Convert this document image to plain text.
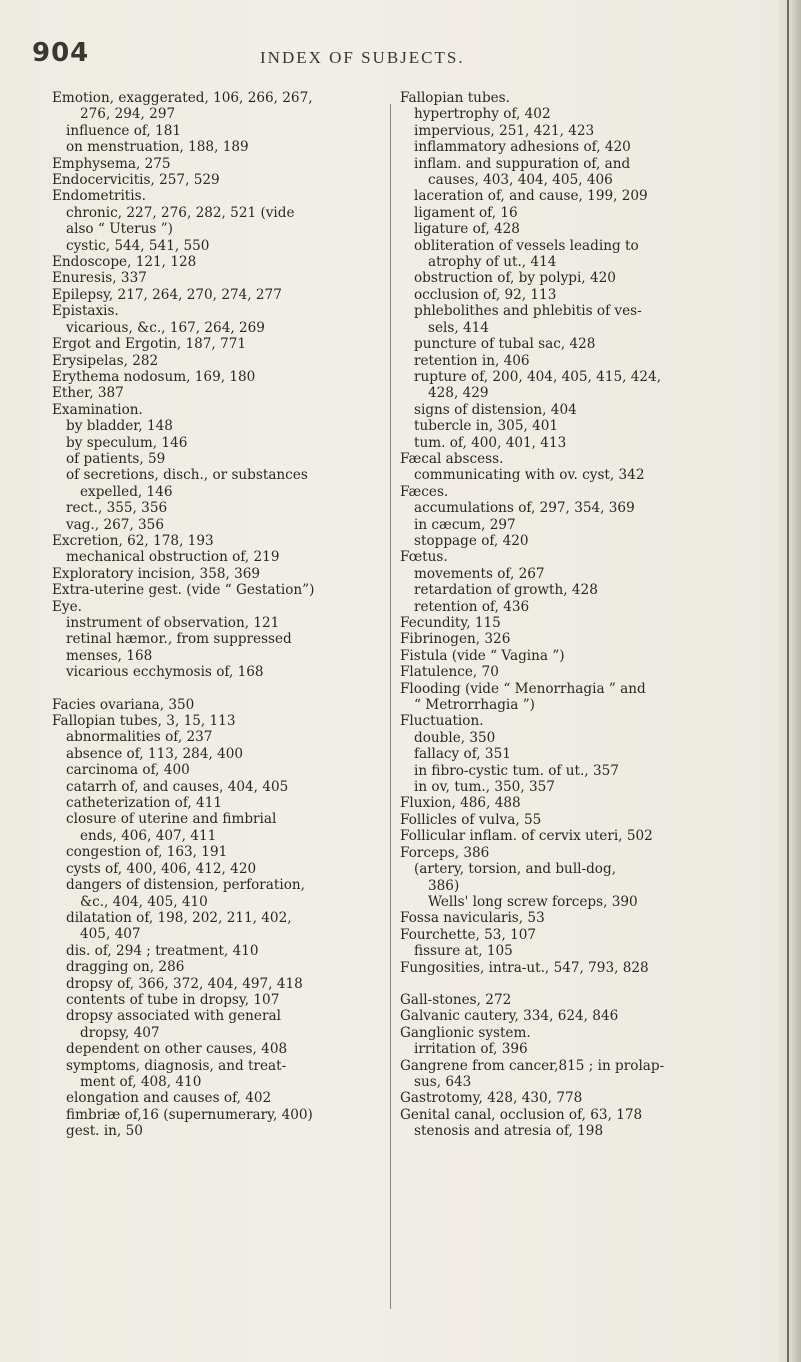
904	INDEX OF SUBJECTS.

Emotion, exaggerated, 106, 266, 267,

276, 294, 297

influence of, 181

on menstruation, 188, 189

Emphysema, 275

Endocervicitis, 257, 529

Endometritis.

chronic, 227, 276, 282, 521 (vide

also “ Uterus ”)

cystic, 544, 541, 550

Endoscope, 121, 128

Enuresis, 337

Epilepsy, 217, 264, 270, 274, 277

Epistaxis.

vicarious, &c., 167, 264, 269

Ergot and Ergotin, 187, 771

Erysipelas, 282

Erythema nodosum, 169, 180

Ether, 387

Examination.

by bladder, 148

by speculum, 146

of patients, 59

of secretions, disch., or substances

expelled, 146

rect., 355, 356

vag., 267, 356

Excretion, 62, 178, 193

mechanical obstruction of, 219

Exploratory incision, 358, 369

Extra-uterine gest. (vide “ Gestation”)

Eye.

instrument of observation, 121

retinal hæmor., from suppressed

menses, 168

vicarious ecchymosis of, 168

Facies ovariana, 350

Fallopian tubes, 3, 15, 113

abnormalities of, 237

absence of, 113, 284, 400

carcinoma of, 400

catarrh of, and causes, 404, 405

catheterization of, 411

closure of uterine and fimbrial

ends, 406, 407, 411

congestion of, 163, 191

cysts of, 400, 406, 412, 420

dangers of distension, perforation,

&c., 404, 405, 410

dilatation of, 198, 202, 211, 402,

405, 407

dis. of, 294 ; treatment, 410

dragging on, 286

dropsy of, 366, 372, 404, 497, 418

contents of tube in dropsy, 107

dropsy associated with general

dropsy, 407

dependent on other causes, 408

symptoms, diagnosis, and treat-

ment of, 408, 410

elongation and causes of, 402

fimbriæ of,16 (supernumerary, 400)

gest. in, 50

Fallopian tubes.

hypertrophy of, 402

impervious, 251, 421, 423

inflammatory adhesions of, 420

inflam. and suppuration of, and

causes, 403, 404, 405, 406

laceration of, and cause, 199, 209

ligament of, 16

ligature of, 428

obliteration of vessels leading to

atrophy of ut., 414

obstruction of, by polypi, 420

occlusion of, 92, 113

phlebolithes and phlebitis of ves-

sels, 414

puncture of tubal sac, 428

retention in, 406

rupture of, 200, 404, 405, 415, 424,

428, 429

signs of distension, 404

tubercle in, 305, 401

tum. of, 400, 401, 413

Fæcal abscess.

communicating with ov. cyst, 342

Fæces.

accumulations of, 297, 354, 369

in cæcum, 297

stoppage of, 420

Fœtus.

movements of, 267

retardation of growth, 428

retention of, 436

Fecundity, 115

Fibrinogen, 326

Fistula (vide “ Vagina ”)

Flatulence, 70

Flooding (vide “ Menorrhagia ” and

“ Metrorrhagia ”)

Fluctuation.

double, 350

fallacy of, 351

in fibro-cystic tum. of ut., 357

in ov, tum., 350, 357

Fluxion, 486, 488

Follicles of vulva, 55

Follicular inflam. of cervix uteri, 502

Forceps, 386

(artery, torsion, and bull-dog,

386)

Wells' long screw forceps, 390

Fossa navicularis, 53

Fourchette, 53, 107

fissure at, 105

Fungosities, intra-ut., 547, 793, 828

Gall-stones, 272

Galvanic cautery, 334, 624, 846

Ganglionic system.

irritation of, 396

Gangrene from cancer,815 ; in prolap-

sus, 643

Gastrotomy, 428, 430, 778

Genital canal, occlusion of, 63, 178

stenosis and atresia of, 198
